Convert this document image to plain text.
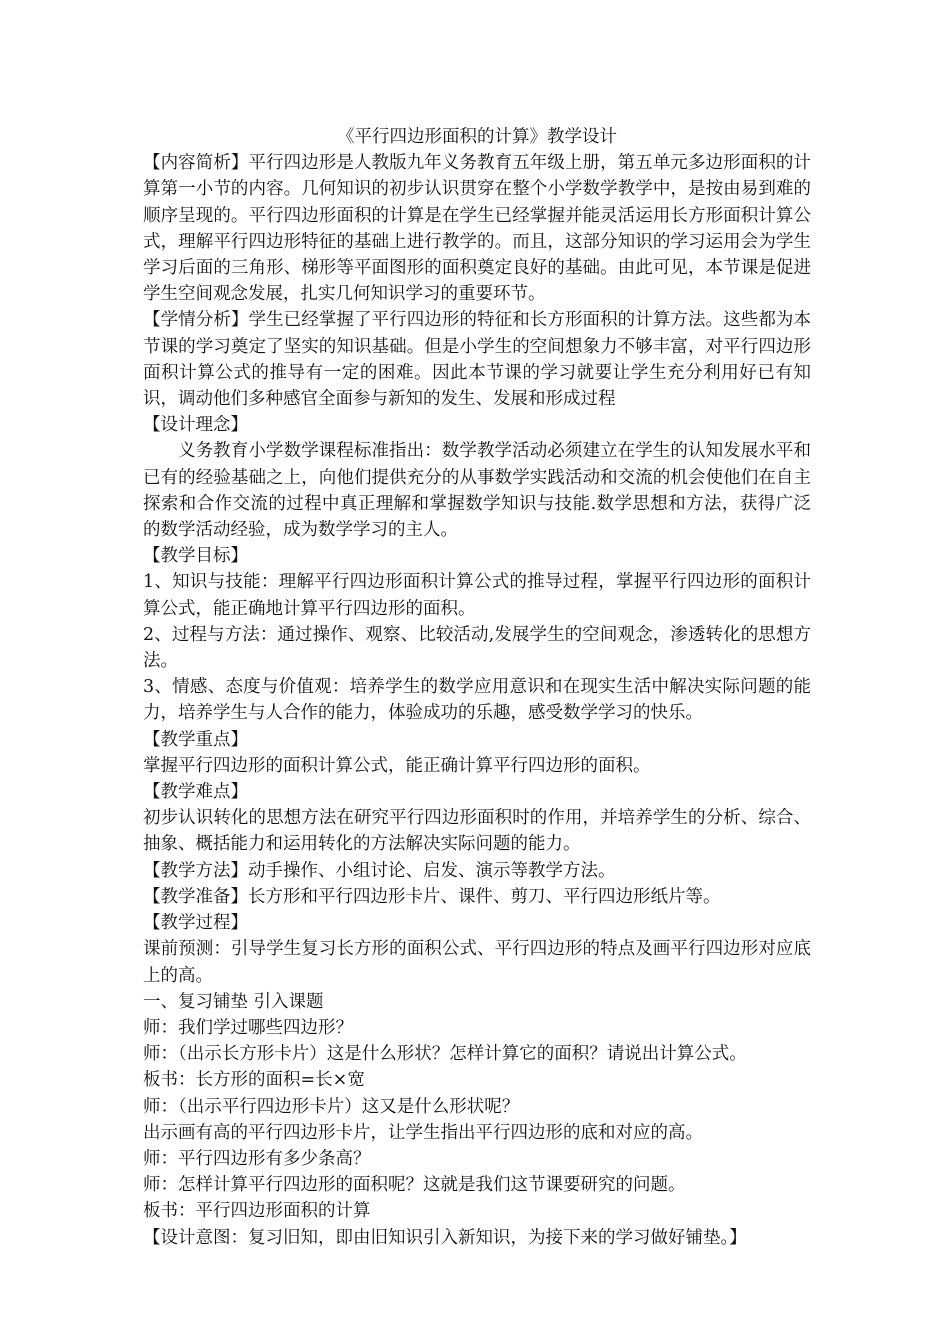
《平行四边形面积的计算》教学设计

【内容简析】平行四边形是人教版九年义务教育五年级上册，第五单元多边形面积的计算第一小节的内容。几何知识的初步认识贯穿在整个小学数学教学中，是按由易到难的顺序呈现的。平行四边形面积的计算是在学生已经掌握并能灵活运用长方形面积计算公式，理解平行四边形特征的基础上进行教学的。而且，这部分知识的学习运用会为学生学习后面的三角形、梯形等平面图形的面积奠定良好的基础。由此可见，本节课是促进学生空间观念发展，扎实几何知识学习的重要环节。

【学情分析】学生已经掌握了平行四边形的特征和长方形面积的计算方法。这些都为本节课的学习奠定了坚实的知识基础。但是小学生的空间想象力不够丰富，对平行四边形面积计算公式的推导有一定的困难。因此本节课的学习就要让学生充分利用好已有知识，调动他们多种感官全面参与新知的发生、发展和形成过程

【设计理念】

义务教育小学数学课程标准指出：数学教学活动必须建立在学生的认知发展水平和已有的经验基础之上，向他们提供充分的从事数学实践活动和交流的机会使他们在自主探索和合作交流的过程中真正理解和掌握数学知识与技能.数学思想和方法，获得广泛的数学活动经验，成为数学学习的主人。

【教学目标】

1、知识与技能：理解平行四边形面积计算公式的推导过程，掌握平行四边形的面积计算公式，能正确地计算平行四边形的面积。

2、过程与方法：通过操作、观察、比较活动,发展学生的空间观念，渗透转化的思想方法。

3、情感、态度与价值观：培养学生的数学应用意识和在现实生活中解决实际问题的能力，培养学生与人合作的能力，体验成功的乐趣，感受数学学习的快乐。

【教学重点】

掌握平行四边形的面积计算公式，能正确计算平行四边形的面积。

【教学难点】

初步认识转化的思想方法在研究平行四边形面积时的作用，并培养学生的分析、综合、抽象、概括能力和运用转化的方法解决实际问题的能力。

【教学方法】动手操作、小组讨论、启发、演示等教学方法。

【教学准备】长方形和平行四边形卡片、课件、剪刀、平行四边形纸片等。

【教学过程】

课前预测：引导学生复习长方形的面积公式、平行四边形的特点及画平行四边形对应底上的高。

一、复习铺垫 引入课题

师：我们学过哪些四边形？

师：（出示长方形卡片）这是什么形状？怎样计算它的面积？请说出计算公式。

板书：长方形的面积=长×宽

师：（出示平行四边形卡片）这又是什么形状呢？

出示画有高的平行四边形卡片，让学生指出平行四边形的底和对应的高。

师：平行四边形有多少条高？

师：怎样计算平行四边形的面积呢？这就是我们这节课要研究的问题。

板书：平行四边形面积的计算

【设计意图：复习旧知，即由旧知识引入新知识，为接下来的学习做好铺垫。】
